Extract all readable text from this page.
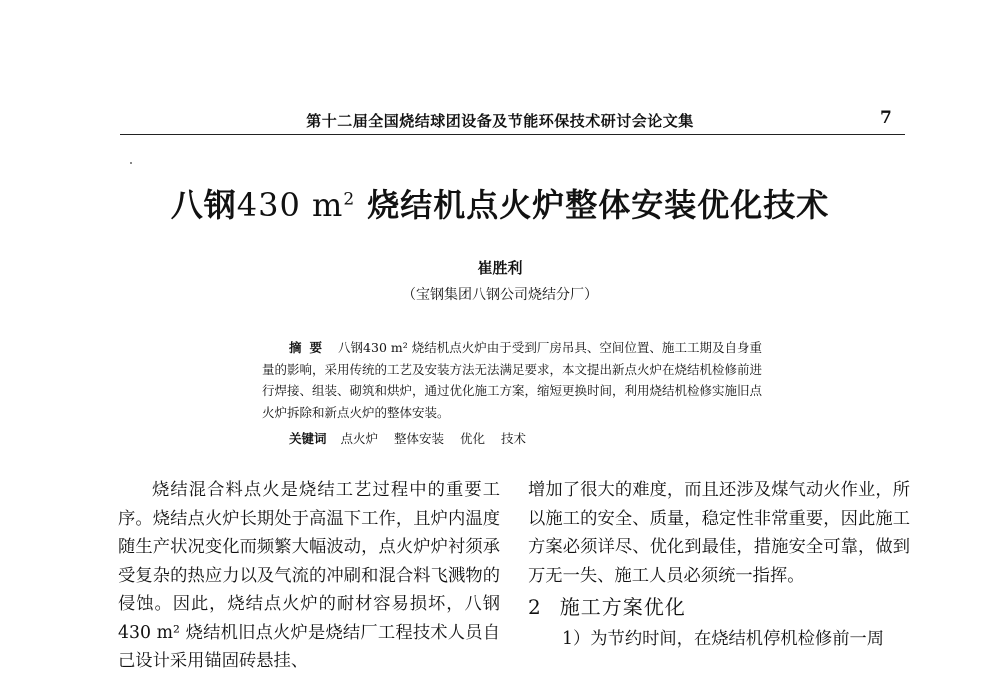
第十二届全国烧结球团设备及节能环保技术研讨会论文集	7
八钢430 $m^2$ 烧结机点火炉整体安装优化技术
崔胜利
（宝钢集团八钢公司烧结分厂）
摘要 八钢430 m² 烧结机点火炉由于受到厂房吊具、空间位置、施工工期及自身重量的影响，采用传统的工艺及安装方法无法满足要求，本文提出新点火炉在烧结机检修前进行焊接、组装、砌筑和烘炉，通过优化施工方案，缩短更换时间，利用烧结机检修实施旧点火炉拆除和新点火炉的整体安装。
关键词 点火炉 整体安装 优化 技术

烧结混合料点火是烧结工艺过程中的重要工序。烧结点火炉长期处于高温下工作，且炉内温度随生产状况变化而频繁大幅波动，点火炉炉衬须承受复杂的热应力以及气流的冲刷和混合料飞溅物的侵蚀。因此，烧结点火炉的耐材容易损坏，八钢430 m² 烧结机旧点火炉是烧结厂工程技术人员自己设计采用锚固砖悬挂、

增加了很大的难度，而且还涉及煤气动火作业，所以施工的安全、质量，稳定性非常重要，因此施工方案必须详尽、优化到最佳，措施安全可靠，做到万无一失、施工人员必须统一指挥。

2 施工方案优化

1）为节约时间，在烧结机停机检修前一周
